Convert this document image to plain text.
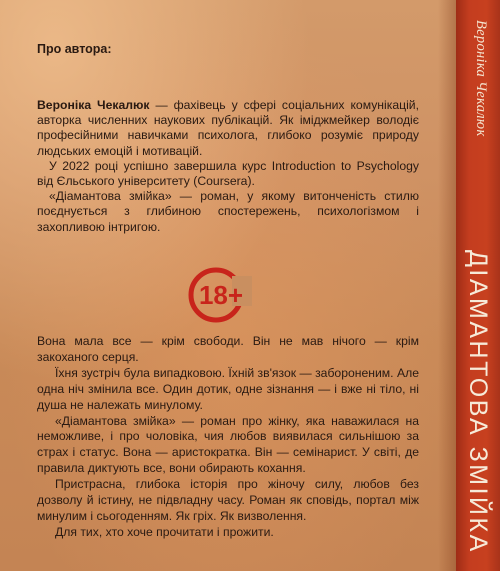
Про автора:

Вероніка Чекалюк — фахівець у сфері соціальних комунікацій, авторка численних наукових публікацій. Як іміджмейкер володіє професійними навичками психолога, глибоко розуміє природу людських емоцій і мотивацій.

У 2022 році успішно завершила курс Introduction to Psychology від Єльського університету (Coursera).

«Діамантова змійка» — роман, у якому витонченість стилю поєднується з глибиною спостережень, психологізмом і захопливою інтригою.

18+

Вона мала все — крім свободи. Він не мав нічого — крім закоханого серця.

Їхня зустріч була випадковою. Їхній зв'язок — забороненим. Але одна ніч змінила все. Один дотик, одне зізнання — і вже ні тіло, ні душа не належать минулому.

«Діамантова змійка» — роман про жінку, яка наважилася на неможливе, і про чоловіка, чия любов виявилася сильнішою за страх і статус. Вона — аристократка. Він — семінарист. У світі, де правила диктують все, вони обирають кохання.

Пристрасна, глибока історія про жіночу силу, любов без дозволу й істину, не підвладну часу. Роман як сповідь, портал між минулим і сьогоденням. Як гріх. Як визволення.

Для тих, хто хоче прочитати і прожити.

Вероніка Чекалюк
ДІАМАНТОВА ЗМІЙКА
